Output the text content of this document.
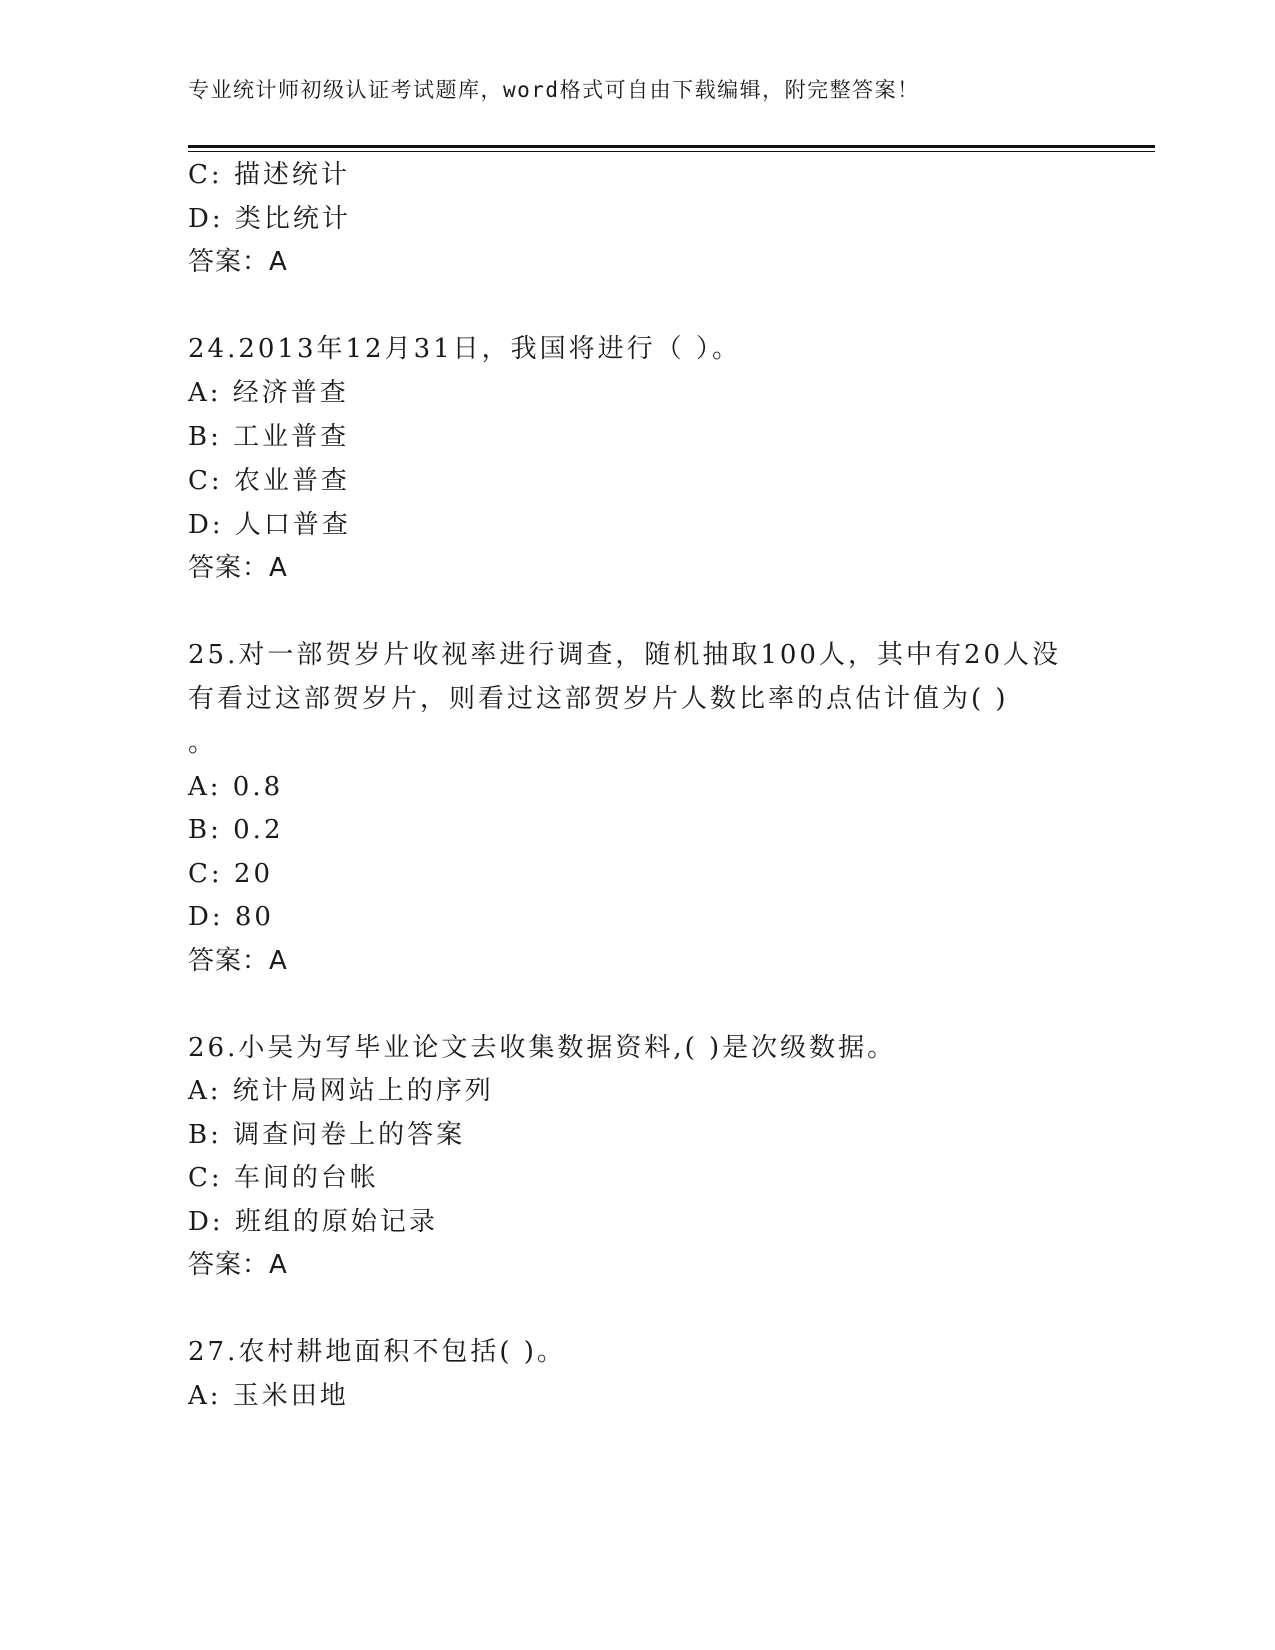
专业统计师初级认证考试题库，word格式可自由下载编辑，附完整答案！
C: 描述统计
D: 类比统计
答案：A
24.2013年12月31日，我国将进行（ ）。
A: 经济普查
B: 工业普查
C: 农业普查
D: 人口普查
答案：A
25.对一部贺岁片收视率进行调查，随机抽取100人，其中有20人没
有看过这部贺岁片，则看过这部贺岁片人数比率的点估计值为( )
。
A: 0.8
B: 0.2
C: 20
D: 80
答案：A
26.小吴为写毕业论文去收集数据资料,( )是次级数据。
A: 统计局网站上的序列
B: 调查问卷上的答案
C: 车间的台帐
D: 班组的原始记录
答案：A
27.农村耕地面积不包括( )。
A: 玉米田地
